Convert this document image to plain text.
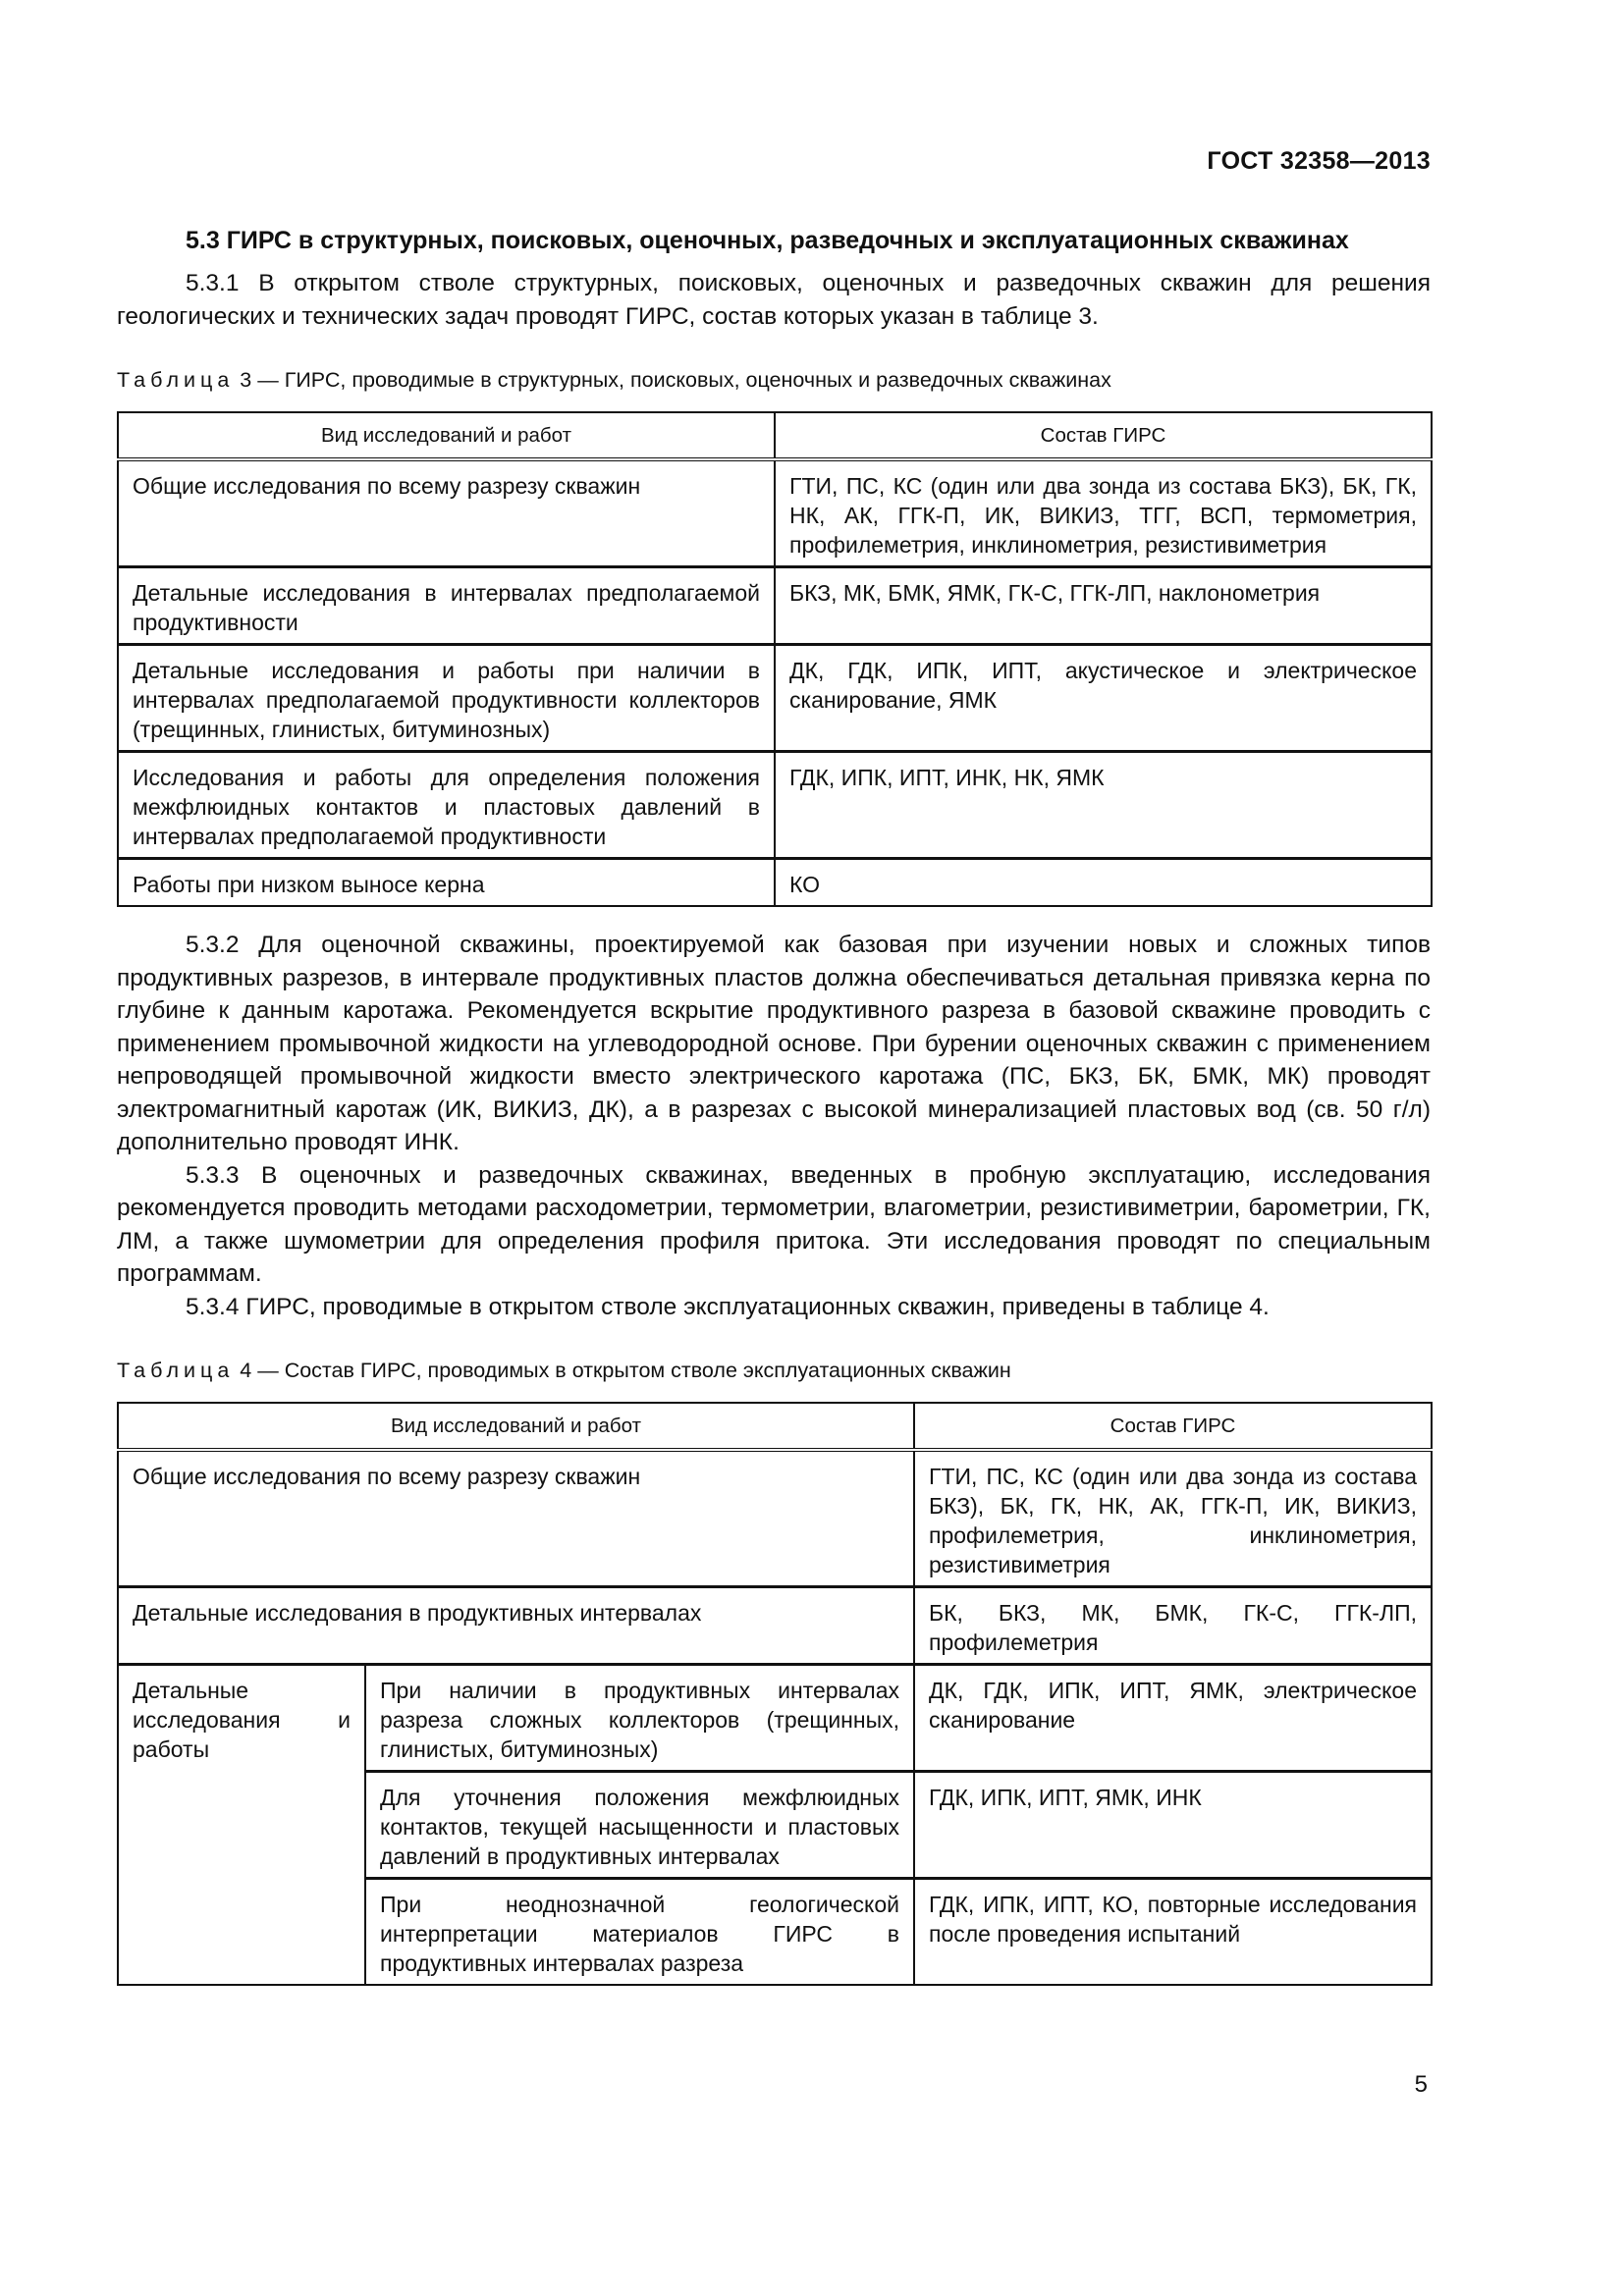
ГОСТ 32358—2013
5.3 ГИРС в структурных, поисковых, оценочных, разведочных и эксплуатационных скважинах

5.3.1 В открытом стволе структурных, поисковых, оценочных и разведочных скважин для решения геологических и технических задач проводят ГИРС, состав которых указан в таблице 3.

Таблица 3 — ГИРС, проводимые в структурных, поисковых, оценочных и разведочных скважинах
Вид исследований и работ	Состав ГИРС
Общие исследования по всему разрезу скважин	ГТИ, ПС, КС (один или два зонда из состава БКЗ), БК, ГК, НК, АК, ГГК-П, ИК, ВИКИЗ, ТГГ, ВСП, термометрия, профилеметрия, инклинометрия, резистивиметрия
Детальные исследования в интервалах предполагаемой продуктивности	БКЗ, МК, БМК, ЯМК, ГК-С, ГГК-ЛП, наклонометрия
Детальные исследования и работы при наличии в интервалах предполагаемой продуктивности коллекторов (трещинных, глинистых, битуминозных)	ДК, ГДК, ИПК, ИПТ, акустическое и электрическое сканирование, ЯМК
Исследования и работы для определения положения межфлюидных контактов и пластовых давлений в интервалах предполагаемой продуктивности	ГДК, ИПК, ИПТ, ИНК, НК, ЯМК
Работы при низком выносе керна	КО

5.3.2 Для оценочной скважины, проектируемой как базовая при изучении новых и сложных типов продуктивных разрезов, в интервале продуктивных пластов должна обеспечиваться детальная привязка керна по глубине к данным каротажа. Рекомендуется вскрытие продуктивного разреза в базовой скважине проводить с применением промывочной жидкости на углеводородной основе. При бурении оценочных скважин с применением непроводящей промывочной жидкости вместо электрического каротажа (ПС, БКЗ, БК, БМК, МК) проводят электромагнитный каротаж (ИК, ВИКИЗ, ДК), а в разрезах с высокой минерализацией пластовых вод (св. 50 г/л) дополнительно проводят ИНК.

5.3.3 В оценочных и разведочных скважинах, введенных в пробную эксплуатацию, исследования рекомендуется проводить методами расходометрии, термометрии, влагометрии, резистивиметрии, барометрии, ГК, ЛМ, а также шумометрии для определения профиля притока. Эти исследования проводят по специальным программам.

5.3.4 ГИРС, проводимые в открытом стволе эксплуатационных скважин, приведены в таблице 4.

Таблица 4 — Состав ГИРС, проводимых в открытом стволе эксплуатационных скважин
Вид исследований и работ		Состав ГИРС
Общие исследования по всему разрезу скважин		ГТИ, ПС, КС (один или два зонда из состава БКЗ), БК, ГК, НК, АК, ГГК-П, ИК, ВИКИЗ, профилеметрия, инклинометрия, резистивиметрия
Детальные исследования в продуктивных интервалах		БК, БКЗ, МК, БМК, ГК-С, ГГК-ЛП, профилеметрия
Детальные исследования и работы	При наличии в продуктивных интервалах разреза сложных коллекторов (трещинных, глинистых, битуминозных)	ДК, ГДК, ИПК, ИПТ, ЯМК, электрическое сканирование
	Для уточнения положения межфлюидных контактов, текущей насыщенности и пластовых давлений в продуктивных интервалах	ГДК, ИПК, ИПТ, ЯМК, ИНК
	При неоднозначной геологической интерпретации материалов ГИРС в продуктивных интервалах разреза	ГДК, ИПК, ИПТ, КО, повторные исследования после проведения испытаний
5
